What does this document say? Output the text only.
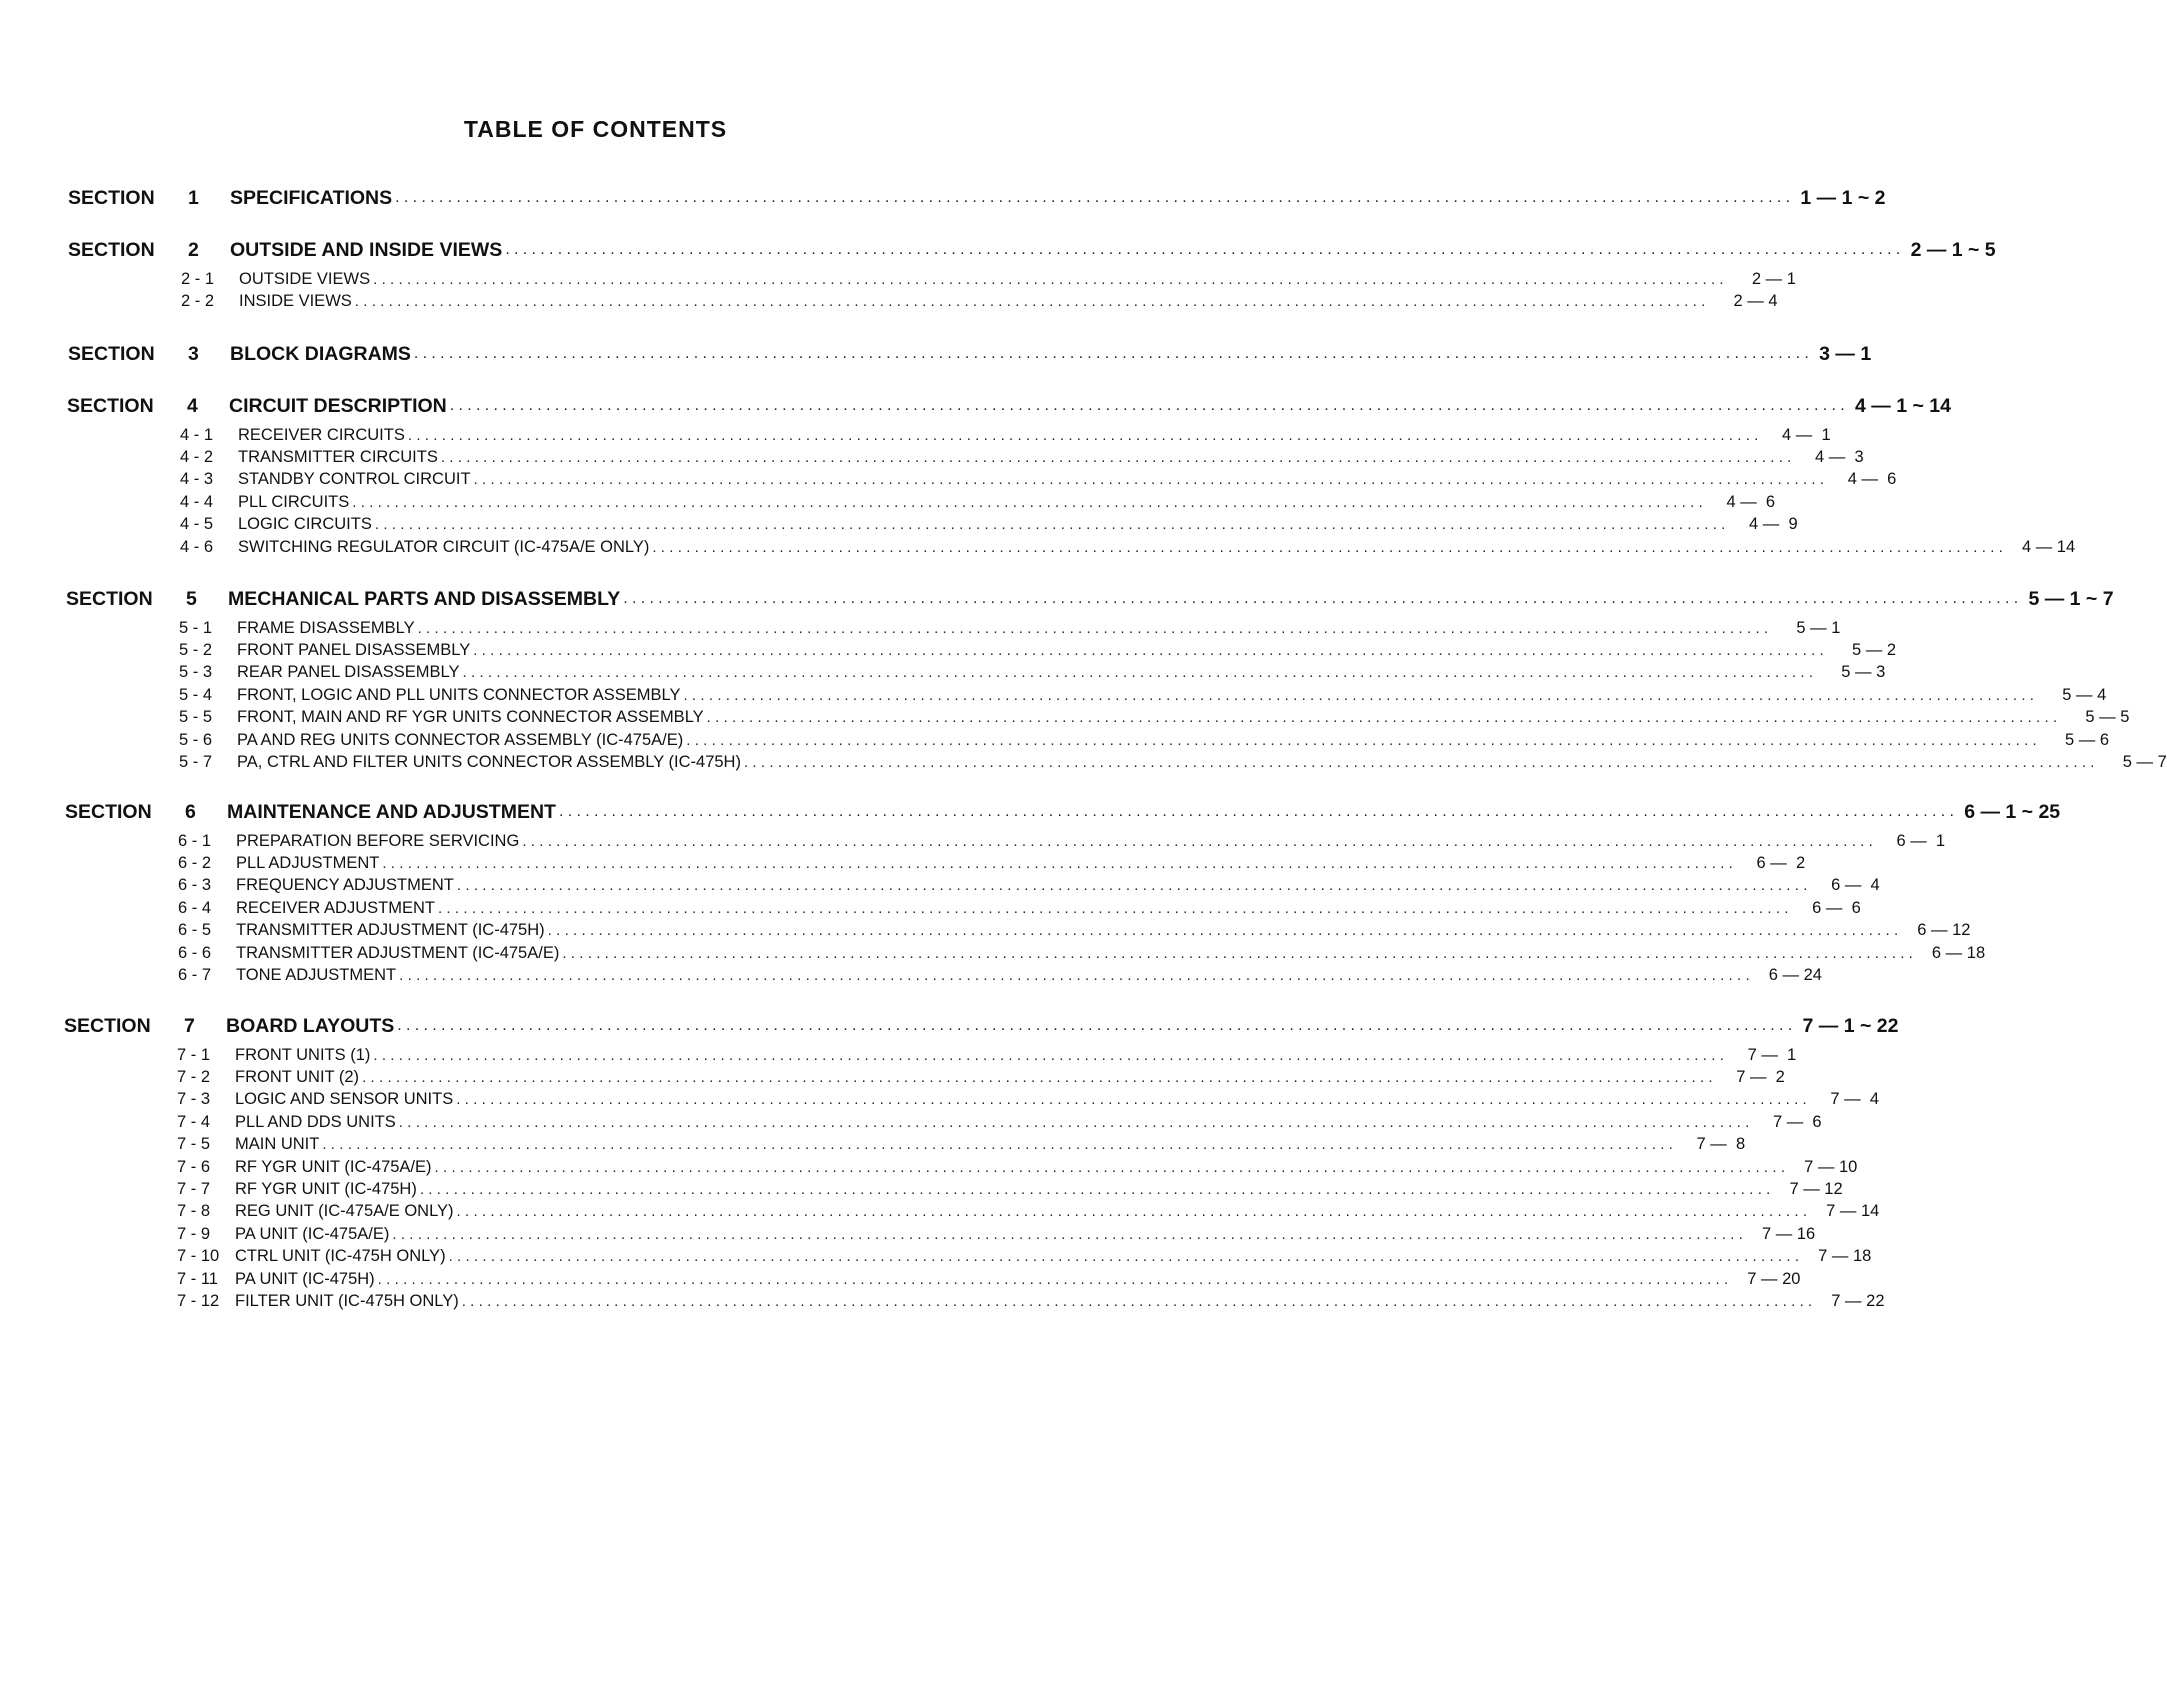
TABLE OF CONTENTS
SECTION	1	SPECIFICATIONS ................................................................................................................................................................ 1 — 1 ~ 2
SECTION	2	OUTSIDE AND INSIDE VIEWS ................................................................................................................................................................ 2 — 1 ~ 5
2 - 1	OUTSIDE VIEWS ................................................................................................................................................................	2 — 1
2 - 2	INSIDE VIEWS ................................................................................................................................................................	2 — 4
SECTION	3	BLOCK DIAGRAMS ................................................................................................................................................................ 3 — 1
SECTION	4	CIRCUIT DESCRIPTION ................................................................................................................................................................ 4 — 1 ~ 14
4 - 1	RECEIVER CIRCUITS ................................................................................................................................................................	4 —  1
4 - 2	TRANSMITTER CIRCUITS ................................................................................................................................................................	4 —  3
4 - 3	STANDBY CONTROL CIRCUIT ................................................................................................................................................................	4 —  6
4 - 4	PLL CIRCUITS ................................................................................................................................................................	4 —  6
4 - 5	LOGIC CIRCUITS ................................................................................................................................................................	4 —  9
4 - 6	SWITCHING REGULATOR CIRCUIT (IC-475A/E ONLY) ................................................................................................................................................................ 4 — 14
SECTION	5	MECHANICAL PARTS AND DISASSEMBLY ................................................................................................................................................................ 5 — 1 ~ 7
5 - 1	FRAME DISASSEMBLY ................................................................................................................................................................	5 — 1
5 - 2	FRONT PANEL DISASSEMBLY ................................................................................................................................................................	5 — 2
5 - 3	REAR PANEL DISASSEMBLY ................................................................................................................................................................	5 — 3
5 - 4	FRONT, LOGIC AND PLL UNITS CONNECTOR ASSEMBLY ................................................................................................................................................................	5 — 4
5 - 5	FRONT, MAIN AND RF YGR UNITS CONNECTOR ASSEMBLY ................................................................................................................................................................	5 — 5
5 - 6	PA AND REG UNITS CONNECTOR ASSEMBLY (IC-475A/E) ................................................................................................................................................................	5 — 6
5 - 7	PA, CTRL AND FILTER UNITS CONNECTOR ASSEMBLY (IC-475H) ................................................................................................................................................................	5 — 7
SECTION	6	MAINTENANCE AND ADJUSTMENT ................................................................................................................................................................ 6 — 1 ~ 25
6 - 1	PREPARATION BEFORE SERVICING ................................................................................................................................................................	6 —  1
6 - 2	PLL ADJUSTMENT ................................................................................................................................................................	6 —  2
6 - 3	FREQUENCY ADJUSTMENT ................................................................................................................................................................	6 —  4
6 - 4	RECEIVER ADJUSTMENT ................................................................................................................................................................	6 —  6
6 - 5	TRANSMITTER ADJUSTMENT (IC-475H) ................................................................................................................................................................ 6 — 12
6 - 6	TRANSMITTER ADJUSTMENT (IC-475A/E) ................................................................................................................................................................ 6 — 18
6 - 7	TONE ADJUSTMENT ................................................................................................................................................................ 6 — 24
SECTION	7	BOARD LAYOUTS ................................................................................................................................................................ 7 — 1 ~ 22
7 - 1	FRONT UNITS (1) ................................................................................................................................................................	7 —  1
7 - 2	FRONT UNIT (2) ................................................................................................................................................................	7 —  2
7 - 3	LOGIC AND SENSOR UNITS ................................................................................................................................................................	7 —  4
7 - 4	PLL AND DDS UNITS ................................................................................................................................................................	7 —  6
7 - 5	MAIN UNIT ................................................................................................................................................................	7 —  8
7 - 6	RF YGR UNIT (IC-475A/E) ................................................................................................................................................................ 7 — 10
7 - 7	RF YGR UNIT (IC-475H) ................................................................................................................................................................ 7 — 12
7 - 8	REG UNIT (IC-475A/E ONLY) ................................................................................................................................................................ 7 — 14
7 - 9	PA UNIT (IC-475A/E) ................................................................................................................................................................ 7 — 16
7 - 10 CTRL UNIT (IC-475H ONLY) ................................................................................................................................................................ 7 — 18
7 - 11	PA UNIT (IC-475H) ................................................................................................................................................................ 7 — 20
7 - 12 FILTER UNIT (IC-475H ONLY) ................................................................................................................................................................ 7 — 22
